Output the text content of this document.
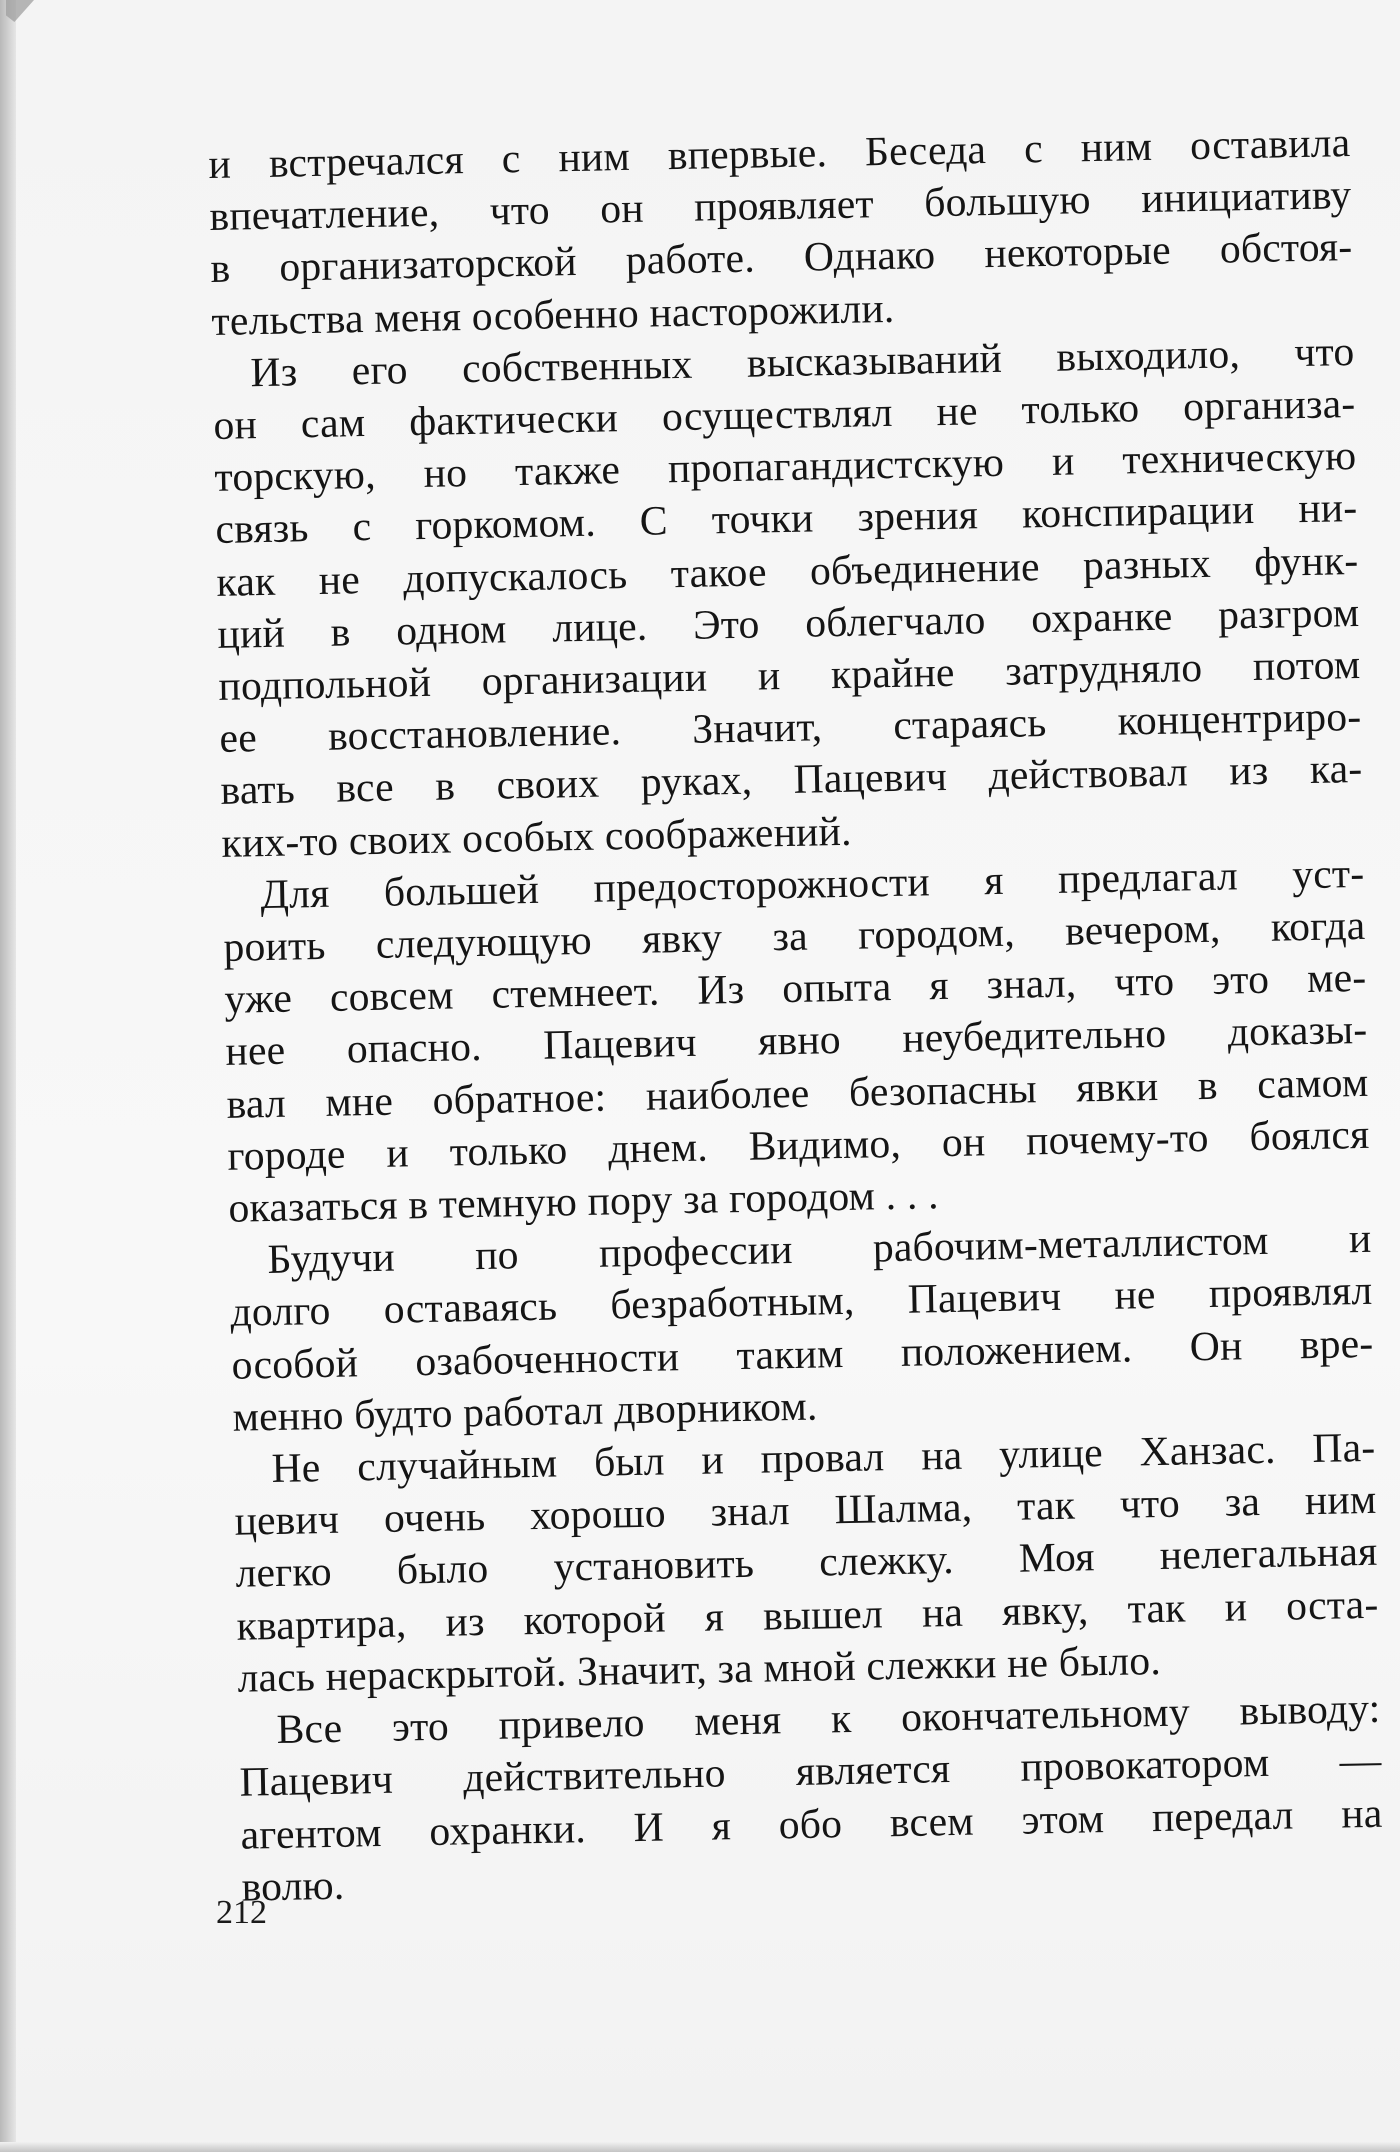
и встречался с ним впервые. Беседа с ним оставила
впечатление, что он проявляет большую инициативу
в организаторской работе. Однако некоторые обстоя-
тельства меня особенно насторожили.

Из его собственных высказываний выходило, что
он сам фактически осуществлял не только организа-
торскую, но также пропагандистскую и техническую
связь с горкомом. С точки зрения конспирации ни-
как не допускалось такое объединение разных функ-
ций в одном лице. Это облегчало охранке разгром
подпольной организации и крайне затрудняло потом
ее восстановление. Значит, стараясь концентриро-
вать все в своих руках, Пацевич действовал из ка-
ких-то своих особых соображений.

Для большей предосторожности я предлагал уст-
роить следующую явку за городом, вечером, когда
уже совсем стемнеет. Из опыта я знал, что это ме-
нее опасно. Пацевич явно неубедительно доказы-
вал мне обратное: наиболее безопасны явки в самом
городе и только днем. Видимо, он почему-то боялся
оказаться в темную пору за городом . . .

Будучи по профессии рабочим-металлистом и
долго оставаясь безработным, Пацевич не проявлял
особой озабоченности таким положением. Он вре-
менно будто работал дворником.

Не случайным был и провал на улице Ханзас. Па-
цевич очень хорошо знал Шалма, так что за ним
легко было установить слежку. Моя нелегальная
квартира, из которой я вышел на явку, так и оста-
лась нераскрытой. Значит, за мной слежки не было.

Все это привело меня к окончательному выводу:
Пацевич действительно является провокатором —
агентом охранки. И я обо всем этом передал на
волю.

212
